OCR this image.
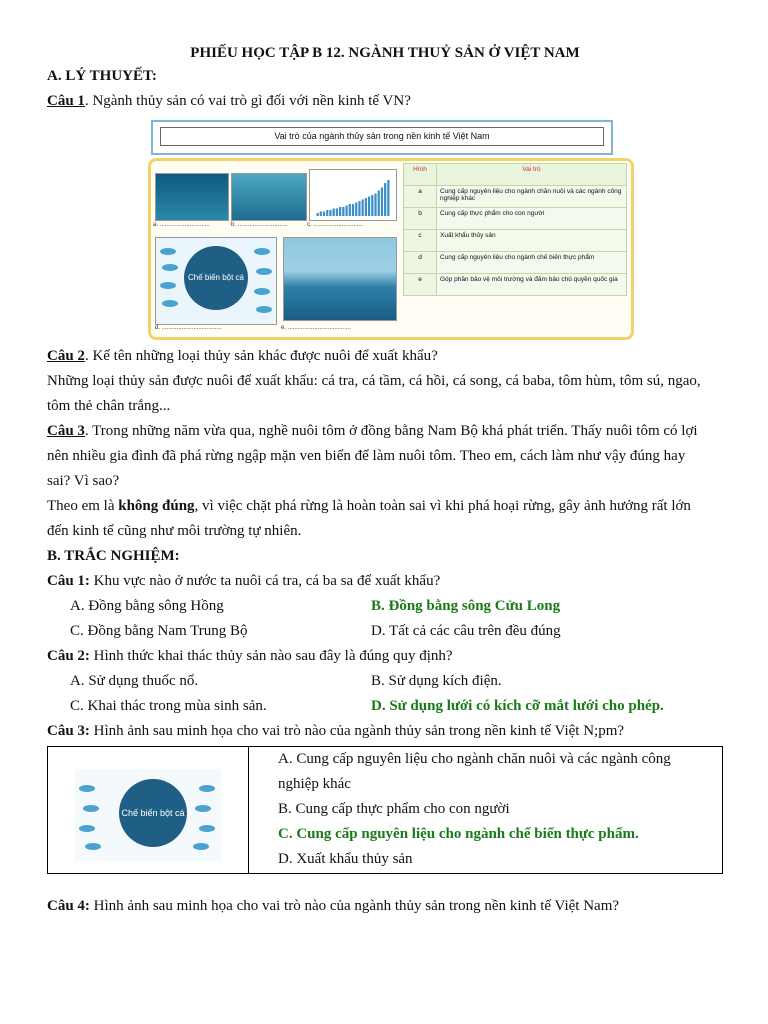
PHIẾU HỌC TẬP B 12. NGÀNH THUỶ SẢN Ở VIỆT NAM
A. LÝ THUYẾT:
Câu 1. Ngành thủy sản có vai trò gì đối với nền kinh tế VN?
Vai trò của ngành thủy sản trong nền kinh tế Việt Nam
a. ..............................	b. ..............................	c. ..............................
Chế biến bột cá
d. ....................................	e. ......................................
Hình	Vai trò
a	Cung cấp nguyên liệu cho ngành chăn nuôi và các ngành công nghiệp khác
b	Cung cấp thực phẩm cho con người
c	Xuất khẩu thủy sản
d	Cung cấp nguyên liệu cho ngành chế biến thực phẩm
e	Góp phần bảo vệ môi trường và đảm bảo chủ quyền quốc gia
Câu 2. Kể tên những loại thủy sản khác được nuôi để xuất khẩu?
Những loại thủy sản được nuôi để xuất khẩu: cá tra, cá tầm, cá hồi, cá song, cá baba, tôm hùm, tôm sú, ngao,
tôm thẻ chân trắng...
Câu 3. Trong những năm vừa qua, nghề nuôi tôm ở đồng bằng Nam Bộ khá phát triển. Thấy nuôi tôm có lợi
nên nhiều gia đình đã phá rừng ngập mặn ven biển để làm nuôi tôm. Theo em, cách làm như vậy đúng hay
sai? Vì sao?
Theo em là không đúng, vì việc chặt phá rừng là hoàn toàn sai vì khi phá hoại rừng, gây ảnh hưởng rất lớn
đến kinh tế cũng như môi trường tự nhiên.
B. TRẮC NGHIỆM:
Câu 1: Khu vực nào ở nước ta nuôi cá tra, cá ba sa để xuất khẩu?
A. Đồng bằng sông Hồng	B. Đồng bằng sông Cửu Long
C. Đồng bằng Nam Trung Bộ	D. Tất cả các câu trên đều đúng
Câu 2: Hình thức khai thác thủy sản nào sau đây là đúng quy định?
A. Sử dụng thuốc nổ.	B. Sử dụng kích điện.
C. Khai thác trong mùa sinh sản.	D. Sử dụng lưới có kích cỡ mắt lưới cho phép.
Câu 3: Hình ảnh sau minh họa cho vai trò nào của ngành thủy sản trong nền kinh tế Việt N;pm?
Chế biến bột cá
A. Cung cấp nguyên liệu cho ngành chăn nuôi và các ngành công
nghiệp khác
B. Cung cấp thực phẩm cho con người
C. Cung cấp nguyên liệu cho ngành chế biến thực phẩm.
D. Xuất khẩu thủy sản
Câu 4: Hình ảnh sau minh họa cho vai trò nào của ngành thủy sản trong nền kinh tế Việt Nam?
